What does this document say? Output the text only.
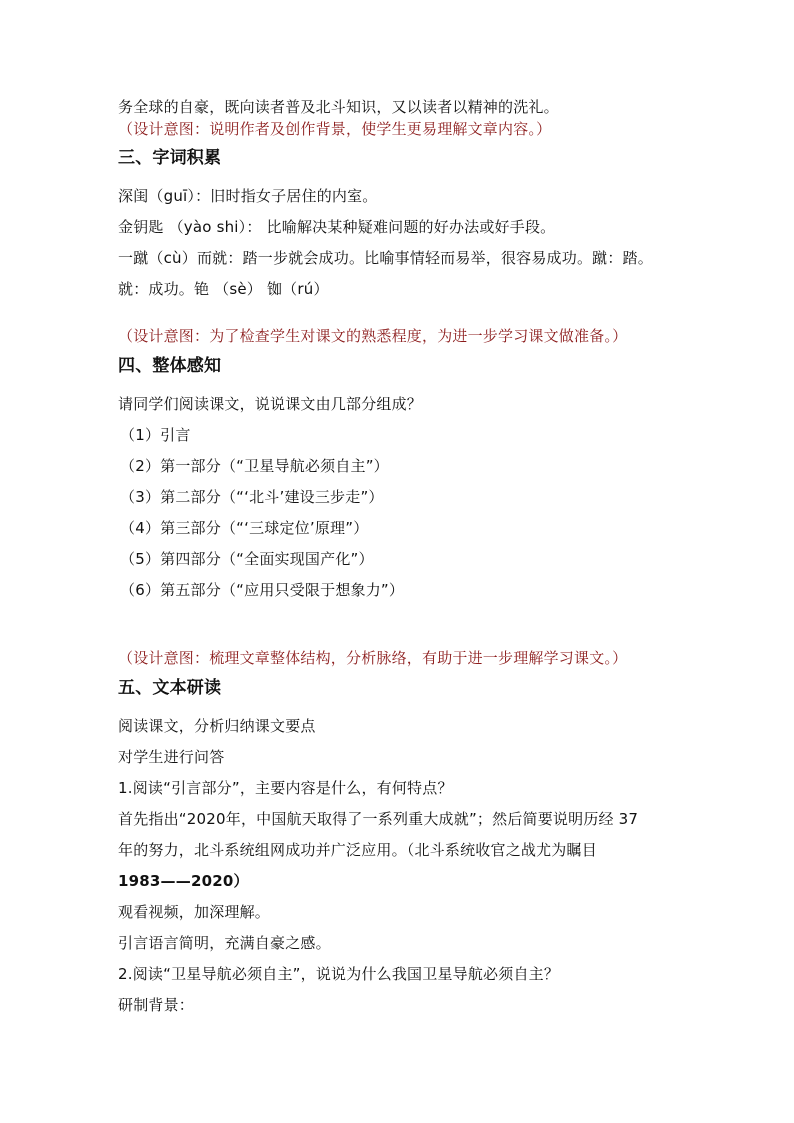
务全球的自豪，既向读者普及北斗知识，又以读者以精神的洗礼。
（设计意图：说明作者及创作背景，使学生更易理解文章内容。）
三、字词积累
深闺（guī）：旧时指女子居住的内室。
金钥匙 （yào shi）： 比喻解决某种疑难问题的好办法或好手段。
一蹴（cù）而就：踏一步就会成功。比喻事情轻而易举，很容易成功。蹴：踏。
就：成功。铯 （sè） 铷（rú）
（设计意图：为了检查学生对课文的熟悉程度，为进一步学习课文做准备。）
四、整体感知
请同学们阅读课文，说说课文由几部分组成？
（1）引言
（2）第一部分（“卫星导航必须自主”）
（3）第二部分（“‘北斗’建设三步走”）
（4）第三部分（“‘三球定位’原理”）
（5）第四部分（“全面实现国产化”）
（6）第五部分（“应用只受限于想象力”）
（设计意图：梳理文章整体结构，分析脉络，有助于进一步理解学习课文。）
五、文本研读
阅读课文，分析归纳课文要点
对学生进行问答
1.阅读“引言部分”，主要内容是什么，有何特点？
首先指出“2020年，中国航天取得了一系列重大成就”；然后简要说明历经 37
年的努力，北斗系统组网成功并广泛应用。（北斗系统收官之战尤为瞩目
1983——2020）
观看视频，加深理解。
引言语言简明，充满自豪之感。
2.阅读“卫星导航必须自主”，说说为什么我国卫星导航必须自主？
研制背景：
